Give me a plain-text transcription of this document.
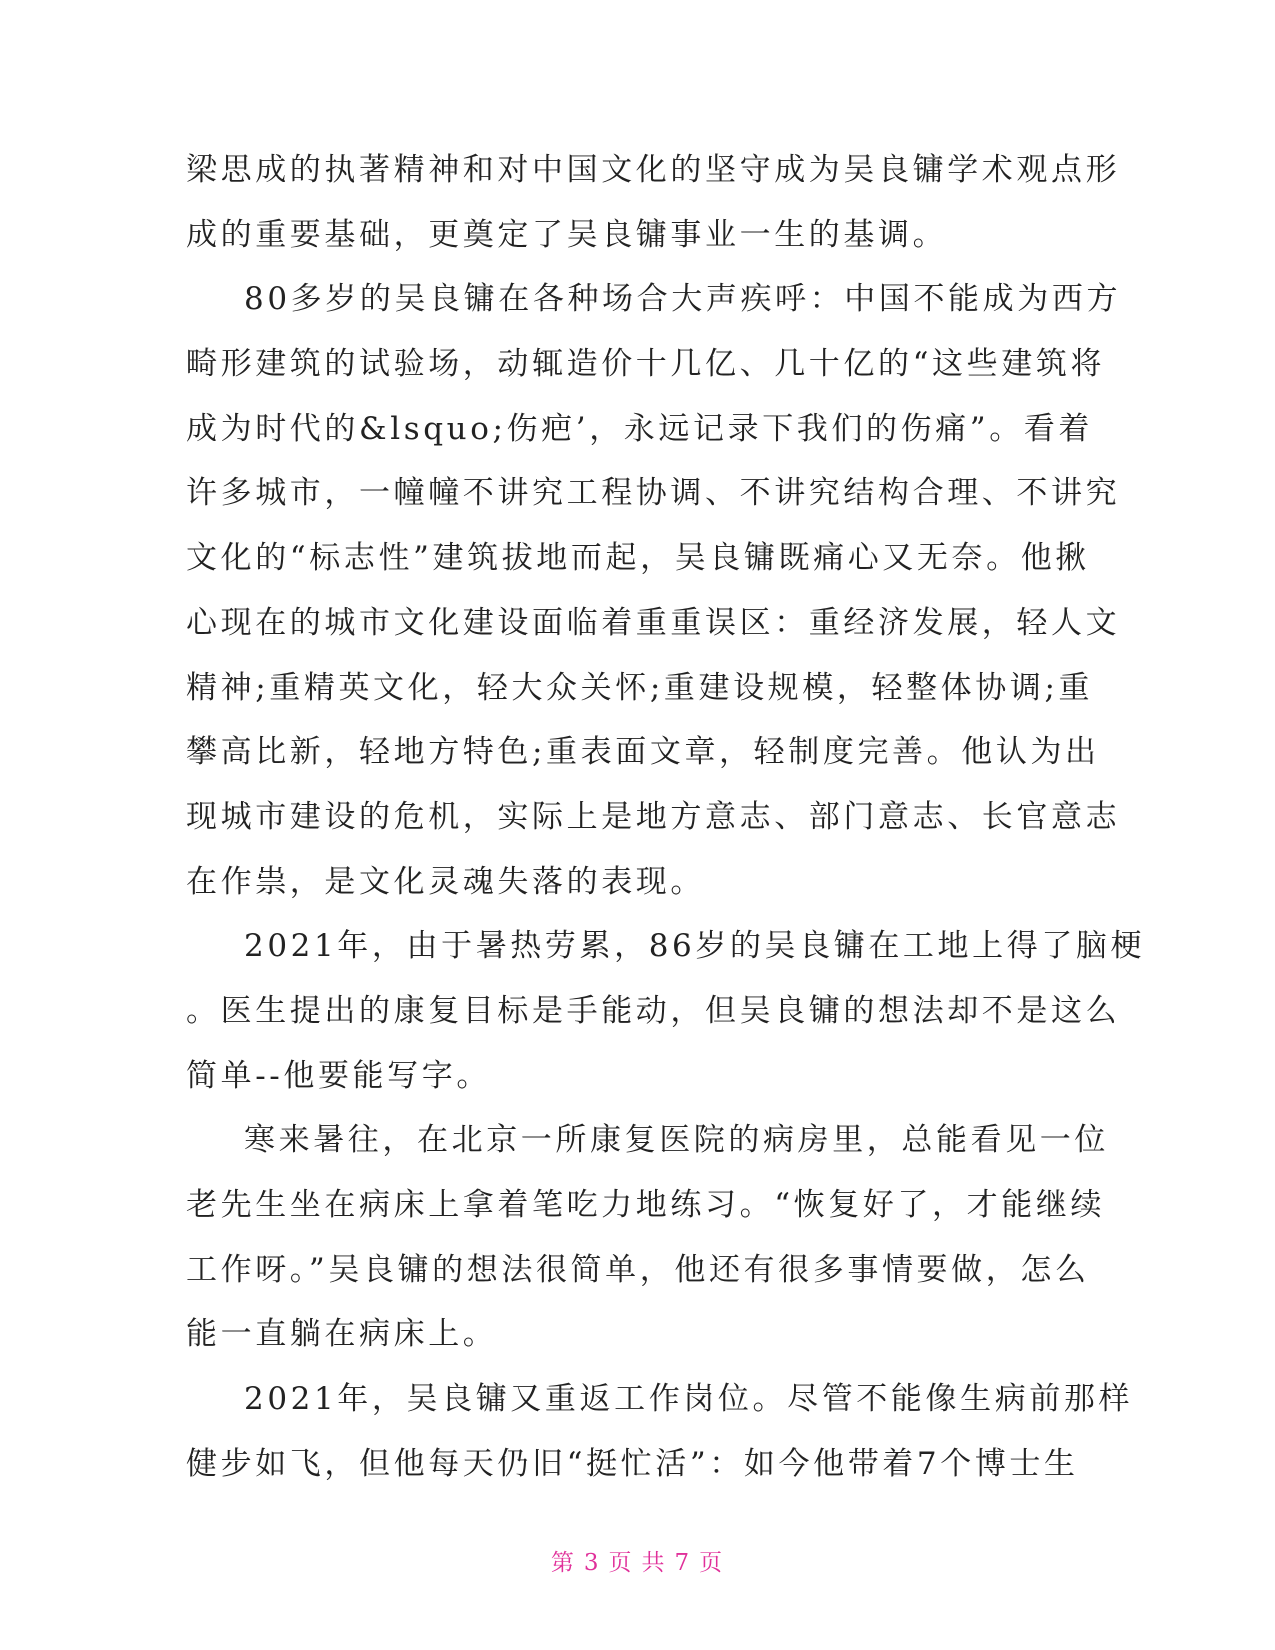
梁思成的执著精神和对中国文化的坚守成为吴良镛学术观点形
成的重要基础，更奠定了吴良镛事业一生的基调。
80多岁的吴良镛在各种场合大声疾呼：中国不能成为西方
畸形建筑的试验场，动辄造价十几亿、几十亿的“这些建筑将
成为时代的&lsquo;伤疤’，永远记录下我们的伤痛”。看着
许多城市，一幢幢不讲究工程协调、不讲究结构合理、不讲究
文化的“标志性”建筑拔地而起，吴良镛既痛心又无奈。他揪
心现在的城市文化建设面临着重重误区：重经济发展，轻人文
精神;重精英文化，轻大众关怀;重建设规模，轻整体协调;重
攀高比新，轻地方特色;重表面文章，轻制度完善。他认为出
现城市建设的危机，实际上是地方意志、部门意志、长官意志
在作祟，是文化灵魂失落的表现。
2021年，由于暑热劳累，86岁的吴良镛在工地上得了脑梗
。医生提出的康复目标是手能动，但吴良镛的想法却不是这么
简单--他要能写字。
寒来暑往，在北京一所康复医院的病房里，总能看见一位
老先生坐在病床上拿着笔吃力地练习。“恢复好了，才能继续
工作呀。”吴良镛的想法很简单，他还有很多事情要做，怎么
能一直躺在病床上。
2021年，吴良镛又重返工作岗位。尽管不能像生病前那样
健步如飞，但他每天仍旧“挺忙活”：如今他带着7个博士生
第 3 页 共 7 页
